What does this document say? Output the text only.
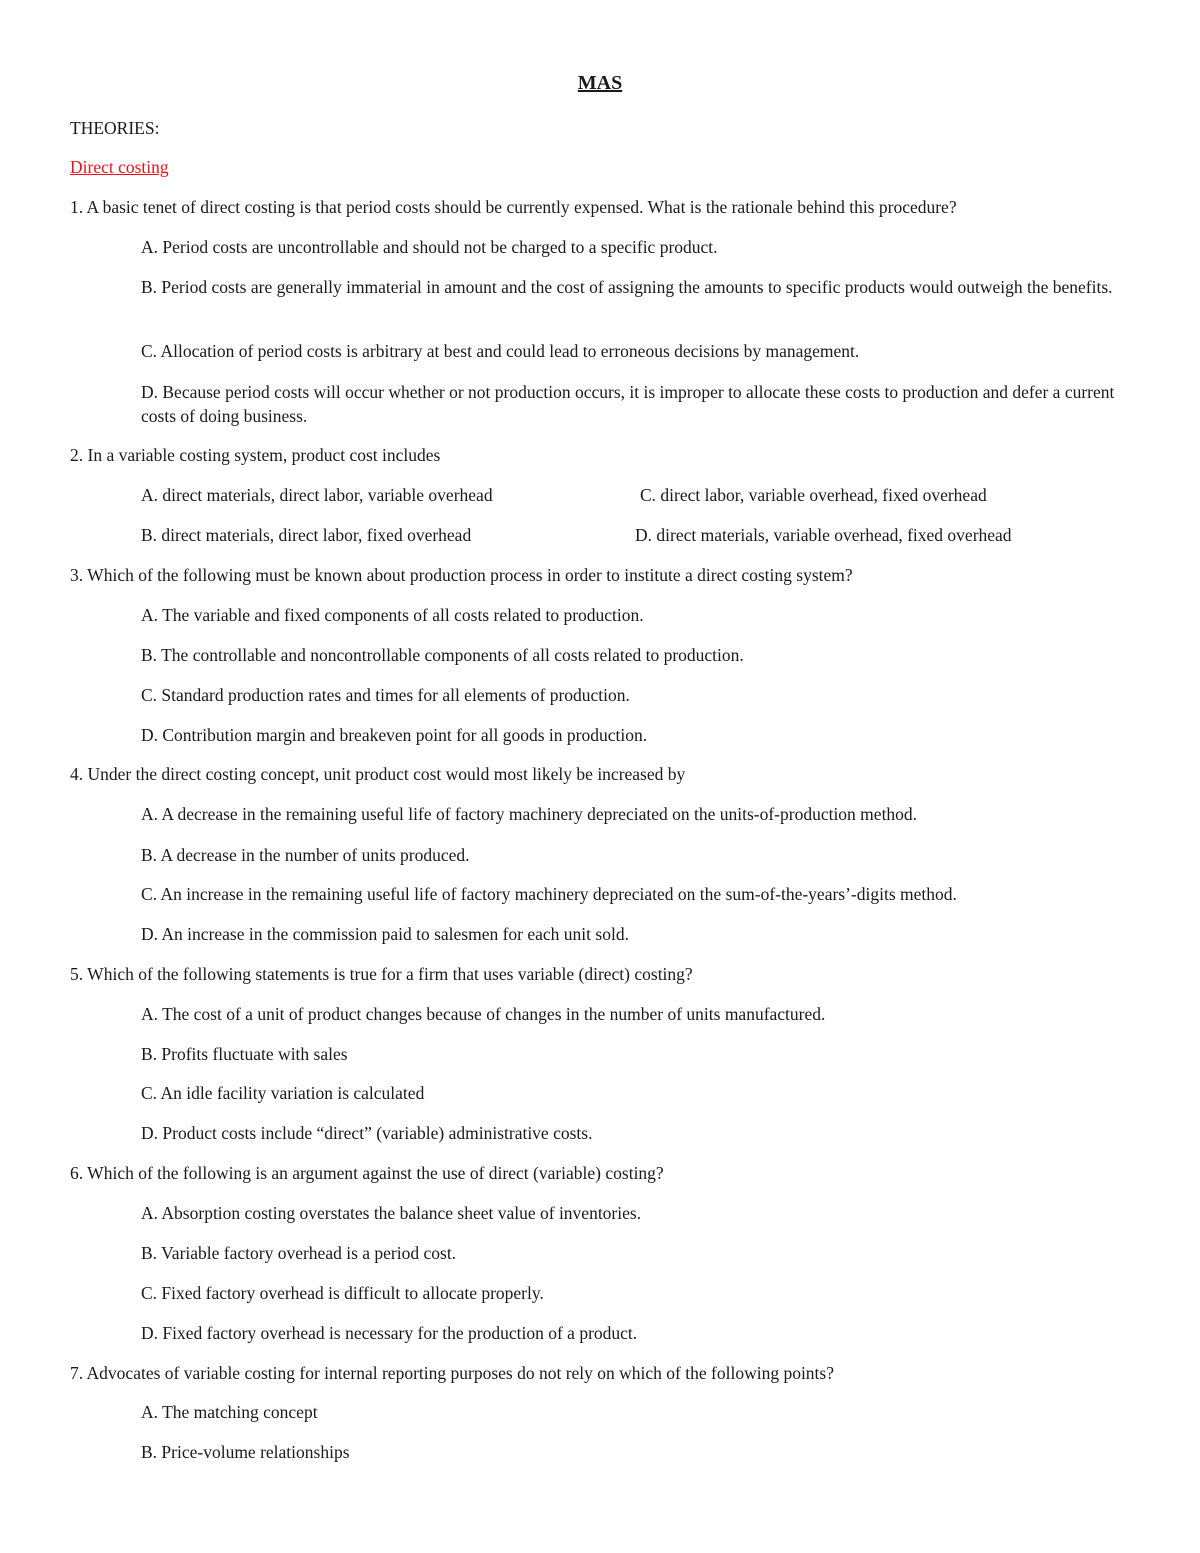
MAS
THEORIES:
Direct costing
1. A basic tenet of direct costing is that period costs should be currently expensed. What is the rationale behind this procedure?
A. Period costs are uncontrollable and should not be charged to a specific product.
B. Period costs are generally immaterial in amount and the cost of assigning the amounts to specific products would outweigh the benefits.
C. Allocation of period costs is arbitrary at best and could lead to erroneous decisions by management.
D. Because period costs will occur whether or not production occurs, it is improper to allocate these costs to production and defer a current costs of doing business.
2. In a variable costing system, product cost includes
A. direct materials, direct labor, variable overhead	C. direct labor, variable overhead, fixed overhead
B. direct materials, direct labor, fixed overhead	D. direct materials, variable overhead, fixed overhead
3. Which of the following must be known about production process in order to institute a direct costing system?
A. The variable and fixed components of all costs related to production.
B. The controllable and noncontrollable components of all costs related to production.
C. Standard production rates and times for all elements of production.
D. Contribution margin and breakeven point for all goods in production.
4. Under the direct costing concept, unit product cost would most likely be increased by
A. A decrease in the remaining useful life of factory machinery depreciated on the units-of-production method.
B. A decrease in the number of units produced.
C. An increase in the remaining useful life of factory machinery depreciated on the sum-of-the-years’-digits method.
D. An increase in the commission paid to salesmen for each unit sold.
5. Which of the following statements is true for a firm that uses variable (direct) costing?
A. The cost of a unit of product changes because of changes in the number of units manufactured.
B. Profits fluctuate with sales
C. An idle facility variation is calculated
D. Product costs include “direct” (variable) administrative costs.
6. Which of the following is an argument against the use of direct (variable) costing?
A. Absorption costing overstates the balance sheet value of inventories.
B. Variable factory overhead is a period cost.
C. Fixed factory overhead is difficult to allocate properly.
D. Fixed factory overhead is necessary for the production of a product.
7. Advocates of variable costing for internal reporting purposes do not rely on which of the following points?
A. The matching concept
B. Price-volume relationships
